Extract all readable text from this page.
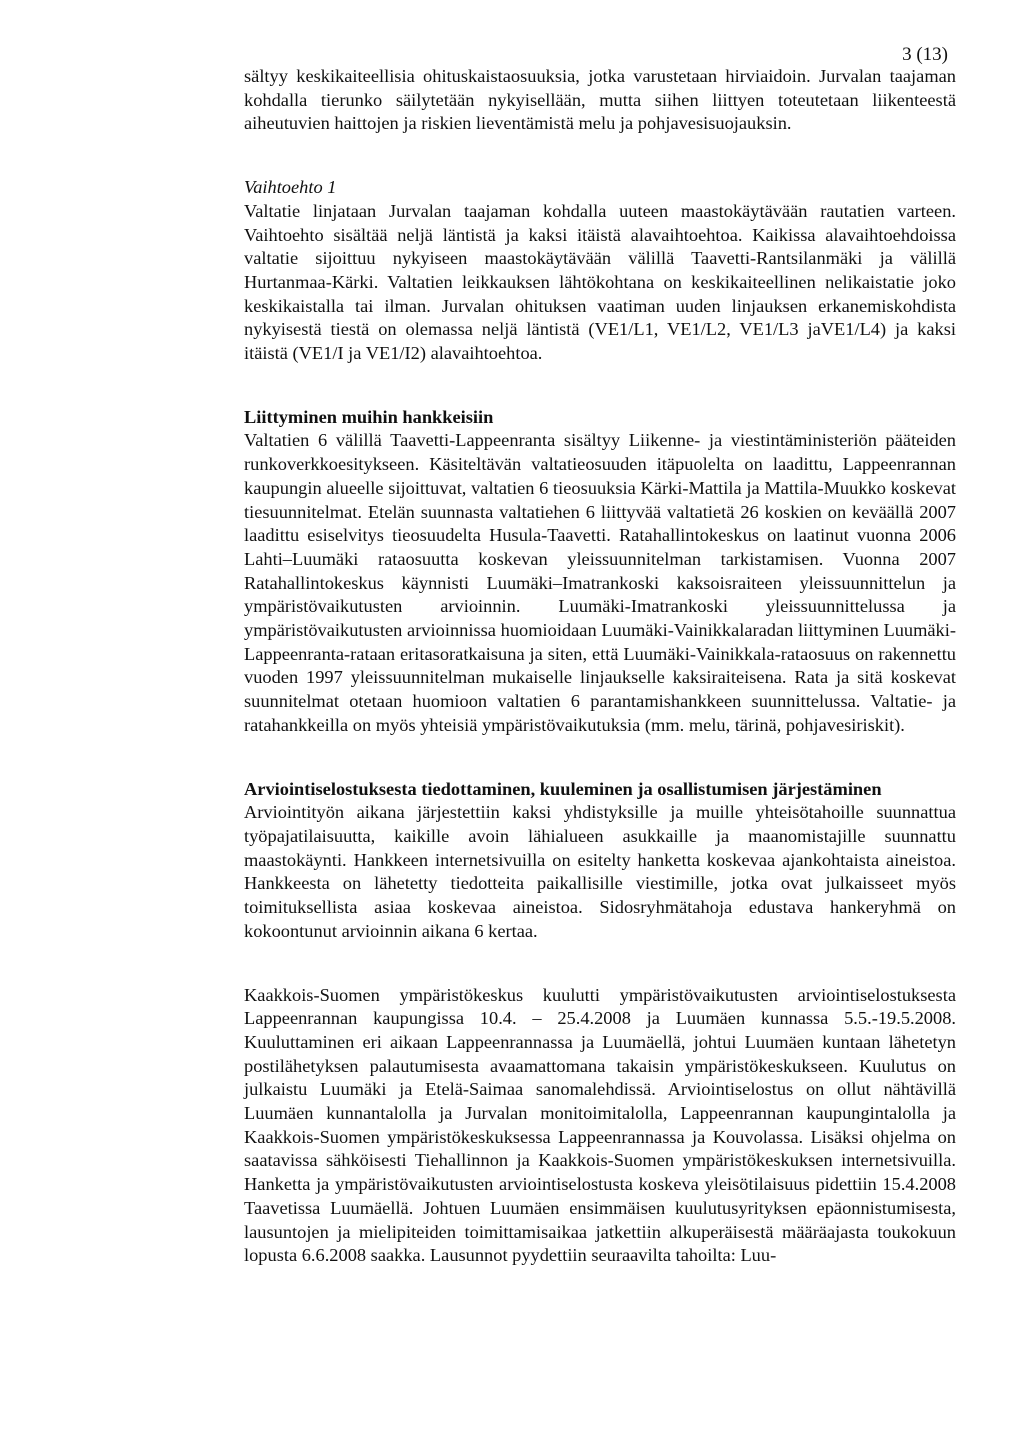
3 (13)

sältyy keskikaiteellisia ohituskaistaosuuksia, jotka varustetaan hirviaidoin. Jurvalan taajaman kohdalla tierunko säilytetään nykyisellään, mutta siihen liittyen toteutetaan liikenteestä aiheutuvien haittojen ja riskien lieventämistä melu ja pohjavesisuojauksin.

Vaihtoehto 1

Valtatie linjataan Jurvalan taajaman kohdalla uuteen maastokäytävään rautatien varteen. Vaihtoehto sisältää neljä läntistä ja kaksi itäistä alavaihtoehtoa. Kaikissa alavaihtoehdoissa valtatie sijoittuu nykyiseen maastokäytävään välillä Taavetti-Rantsilanmäki ja välillä Hurtanmaa-Kärki. Valtatien leikkauksen lähtökohtana on keskikaiteellinen nelikaistatie joko keskikaistalla tai ilman. Jurvalan ohituksen vaatiman uuden linjauksen erkanemiskohdista nykyisestä tiestä on olemassa neljä läntistä (VE1/L1, VE1/L2, VE1/L3 jaVE1/L4) ja kaksi itäistä (VE1/I ja VE1/I2) alavaihtoehtoa.

Liittyminen muihin hankkeisiin

Valtatien 6 välillä Taavetti-Lappeenranta sisältyy Liikenne- ja viestintäministeriön pääteiden runkoverkkoesitykseen. Käsiteltävän valtatieosuuden itäpuolelta on laadittu, Lappeenrannan kaupungin alueelle sijoittuvat, valtatien 6 tieosuuksia Kärki-Mattila ja Mattila-Muukko koskevat tiesuunnitelmat. Etelän suunnasta valtatiehen 6 liittyvää valtatietä 26 koskien on keväällä 2007 laadittu esiselvitys tieosuudelta Husula-Taavetti. Ratahallintokeskus on laatinut vuonna 2006 Lahti–Luumäki rataosuutta koskevan yleissuunnitelman tarkistamisen. Vuonna 2007 Ratahallintokeskus käynnisti Luumäki–Imatrankoski kaksoisraiteen yleissuunnittelun ja ympäristövaikutusten arvioinnin. Luumäki-Imatrankoski yleissuunnittelussa ja ympäristövaikutusten arvioinnissa huomioidaan Luumäki-Vainikkalaradan liittyminen Luumäki-Lappeenranta-rataan eritasoratkaisuna ja siten, että Luumäki-Vainikkala-rataosuus on rakennettu vuoden 1997 yleissuunnitelman mukaiselle linjaukselle kaksiraiteisena. Rata ja sitä koskevat suunnitelmat otetaan huomioon valtatien 6 parantamishankkeen suunnittelussa. Valtatie- ja ratahankkeilla on myös yhteisiä ympäristövaikutuksia (mm. melu, tärinä, pohjavesiriskit).

Arviointiselostuksesta tiedottaminen, kuuleminen ja osallistumisen järjestäminen

Arviointityön aikana järjestettiin kaksi yhdistyksille ja muille yhteisötahoille suunnattua työpajatilaisuutta, kaikille avoin lähialueen asukkaille ja maanomistajille suunnattu maastokäynti. Hankkeen internetsivuilla on esitelty hanketta koskevaa ajankohtaista aineistoa. Hankkeesta on lähetetty tiedotteita paikallisille viestimille, jotka ovat julkaisseet myös toimituksellista asiaa koskevaa aineistoa. Sidosryhmätahoja edustava hankeryhmä on kokoontunut arvioinnin aikana 6 kertaa.

Kaakkois-Suomen ympäristökeskus kuulutti ympäristövaikutusten arviointiselostuksesta Lappeenrannan kaupungissa 10.4. – 25.4.2008 ja Luumäen kunnassa 5.5.-19.5.2008. Kuuluttaminen eri aikaan Lappeenrannassa ja Luumäellä, johtui Luumäen kuntaan lähetetyn postilähetyksen palautumisesta avaamattomana takaisin ympäristökeskukseen. Kuulutus on julkaistu Luumäki ja Etelä-Saimaa sanomalehdissä. Arviointiselostus on ollut nähtävillä Luumäen kunnantalolla ja Jurvalan monitoimitalolla, Lappeenrannan kaupungintalolla ja Kaakkois-Suomen ympäristökeskuksessa Lappeenrannassa ja Kouvolassa. Lisäksi ohjelma on saatavissa sähköisesti Tiehallinnon ja Kaakkois-Suomen ympäristökeskuksen internetsivuilla. Hanketta ja ympäristövaikutusten arviointiselostusta koskeva yleisötilaisuus pidettiin 15.4.2008 Taavetissa Luumäellä. Johtuen Luumäen ensimmäisen kuulutusyrityksen epäonnistumisesta, lausuntojen ja mielipiteiden toimittamisaikaa jatkettiin alkuperäisestä määräajasta toukokuun lopusta 6.6.2008 saakka. Lausunnot pyydettiin seuraavilta tahoilta: Luu-
